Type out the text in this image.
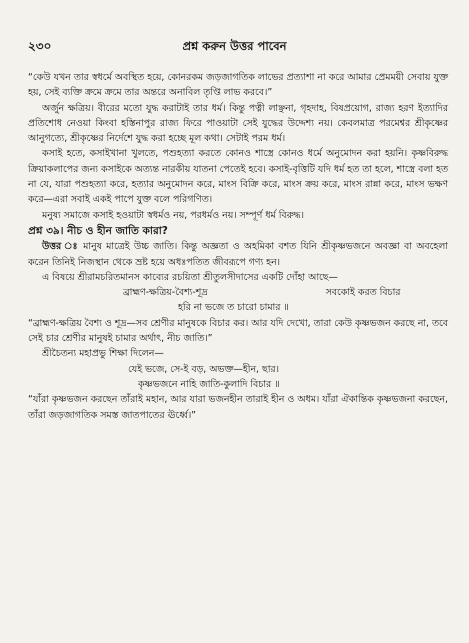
২৩০	প্রশ্ন করুন উত্তর পাবেন

“কেউ যখন তার স্বধর্মে অবস্থিত হয়ে, কোনরকম জড়জাগতিক লাভের প্রত্যাশা না করে আমার প্রেমময়ী সেবায় যুক্ত হয়, সেই ব্যক্তি ক্রমে ক্রমে তার অন্তরে অনাবিল তৃপ্তি লাভ করবে।”

অর্জুন ক্ষত্রিয়। বীরের মতো যুদ্ধ করাটাই তার ধর্ম। কিন্তু পত্নী লাঞ্ছনা, গৃহদাহ, বিষপ্রয়োগ, রাজ্য হরণ ইত্যাদির প্রতিশোধ নেওয়া কিংবা হস্তিনাপুর রাজ্য ফিরে পাওয়াটা সেই যুদ্ধের উদ্দেশ্য নয়। কেবলমাত্র পরমেশ্বর শ্রীকৃষ্ণের আনুগত্যে, শ্রীকৃষ্ণের নির্দেশে যুদ্ধ করা হচ্ছে মূল কথা। সেটাই পরম ধর্ম।

কসাই হতে, কসাইখানা খুলতে, পশুহত্যা করতে কোনও শাস্ত্রে কোনও ধর্মে অনুমোদন করা হয়নি। কৃষ্ণবিরুদ্ধ ক্রিয়াকলাপের জন্য কসাইকে অত্যন্ত নারকীয় যাতনা পেতেই হবে। কসাই-বৃত্তিটি যদি ধর্ম হত তা হলে, শাস্ত্রে বলা হত না যে, যারা পশুহত্যা করে, হত্যার অনুমোদন করে, মাংস বিক্রি করে, মাংস ক্রয় করে, মাংস রান্না করে, মাংস ভক্ষণ করে—এরা সবাই একই পাপে যুক্ত বলে পরিগণিত।

মনুষ্য সমাজে কসাই হওয়াটা স্বধর্মও নয়, পরধর্মও নয়। সম্পূর্ণ ধর্ম বিরুদ্ধ।

প্রশ্ন ৩৯। নীচ ও হীন জাতি কারা?

উত্তর ঃ মানুষ মাত্রেই উচ্চ জাতি। কিন্তু অজ্ঞতা ও অহমিকা বশত যিনি শ্রীকৃষ্ণভজনে অবজ্ঞা বা অবহেলা করেন তিনিই নিজস্থান থেকে ভ্রষ্ট হয়ে অধঃপতিত জীবরূপে গণ্য হন।

এ বিষয়ে শ্রীরামচরিতমানস কাব্যের রচয়িতা শ্রীতুলসীদাসের একটি দোঁহা আছে—

ব্রাহ্মণ-ক্ষত্রিয়-বৈশ্য-শূদ্র	সবকোই করত বিচার

হরি না ভজে ত চারো চামার ॥

“ব্রাহ্মণ-ক্ষত্রিয় বৈশ্য ও শূদ্র—সব শ্রেণীর মানুষকে বিচার কর। আর যদি দেখো, তারা কেউ কৃষ্ণভজন করছে না, তবে সেই চার শ্রেণীর মানুষই চামার অর্থাৎ, নীচ জাতি।”

শ্রীচৈতন্য মহাপ্রভু শিক্ষা দিলেন—

যেই ভজে, সে-ই বড়, অভক্ত—হীন, ছার।

কৃষ্ণভজনে নাহি জাতি-কুলাদি বিচার ॥

“যাঁরা কৃষ্ণভজন করছেন তাঁরাই মহান, আর যারা ভজনহীন তারাই হীন ও অধম। যাঁরা ঐকান্তিক কৃষ্ণভজনা করছেন, তাঁরা জড়জাগতিক সমস্ত জাতপাতের ঊর্ধ্বে।”
